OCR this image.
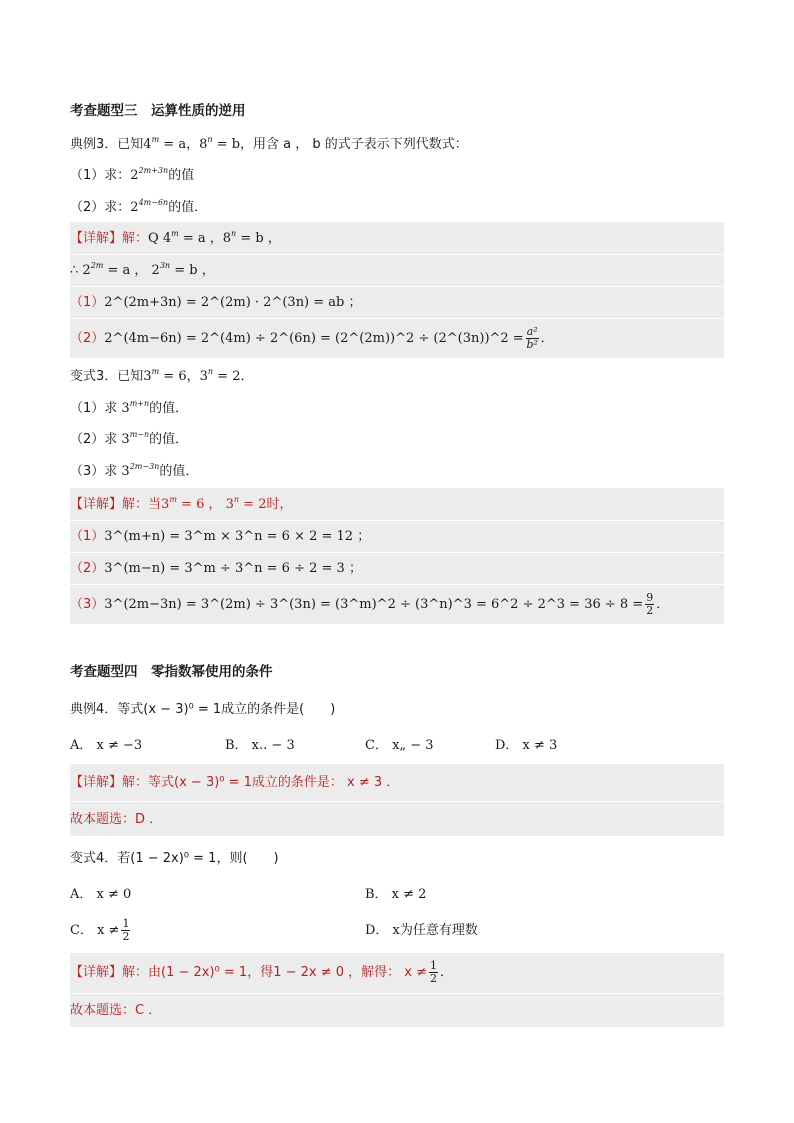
考查题型三　运算性质的逆用
典例3．已知$4^m = a$，$8^n = b$，用含 a ， b 的式子表示下列代数式：
（1）求：$2^{2m+3n}$的值
（2）求：$2^{4m-6n}$的值．
【详解】解：Q $4^m = a$ ，$8^n = b$ ，
∴ $2^{2m} = a$ ， $2^{3n} = b$ ，
（1）2^(2m+3n) = 2^(2m) · 2^(3n) = ab ；
（2）2^(4m−6n) = 2^(4m) ÷ 2^(6n) = (2^(2m))^2 ÷ (2^(3n))^2 = $\frac{\text{a²}}{\text{b²}}$ ．
变式3．已知$3^m = 6$，$3^n = 2$．
（1）求 $3^{m+n}$的值．
（2）求 $3^{m-n}$的值．
（3）求 $3^{2m-3n}$的值．
【详解】解：当$3^m = 6$ ， $3^n = 2$时，
（1）3^(m+n) = 3^m × 3^n = 6 × 2 = 12 ；
（2）3^(m−n) = 3^m ÷ 3^n = 6 ÷ 2 = 3 ；
（3）3^(2m−3n) = 3^(2m) ÷ 3^(3n) = (3^m)^2 ÷ (3^n)^3 = 6^2 ÷ 2^3 = $36 \div 8 = \frac{9}{2}$ ．
考查题型四　零指数幂使用的条件
典例4．等式(x − 3)⁰ = 1成立的条件是(　　)
A． x ≠ −3	B． x.. − 3	C． x„ − 3	D． x ≠ 3
【详解】解：等式(x − 3)⁰ = 1成立的条件是： x ≠ 3 ．
故本题选：D ．
变式4．若(1 − 2x)⁰ = 1，则(　　)
A． x ≠ 0	B． x ≠ 2
C． $x \ne \frac{1}{2}$	D． x为任意有理数
【详解】解：由(1 − 2x)⁰ = 1，得1 − 2x ≠ 0 ，解得： $x \ne \frac{1}{2}$ ．
故本题选：C ．
